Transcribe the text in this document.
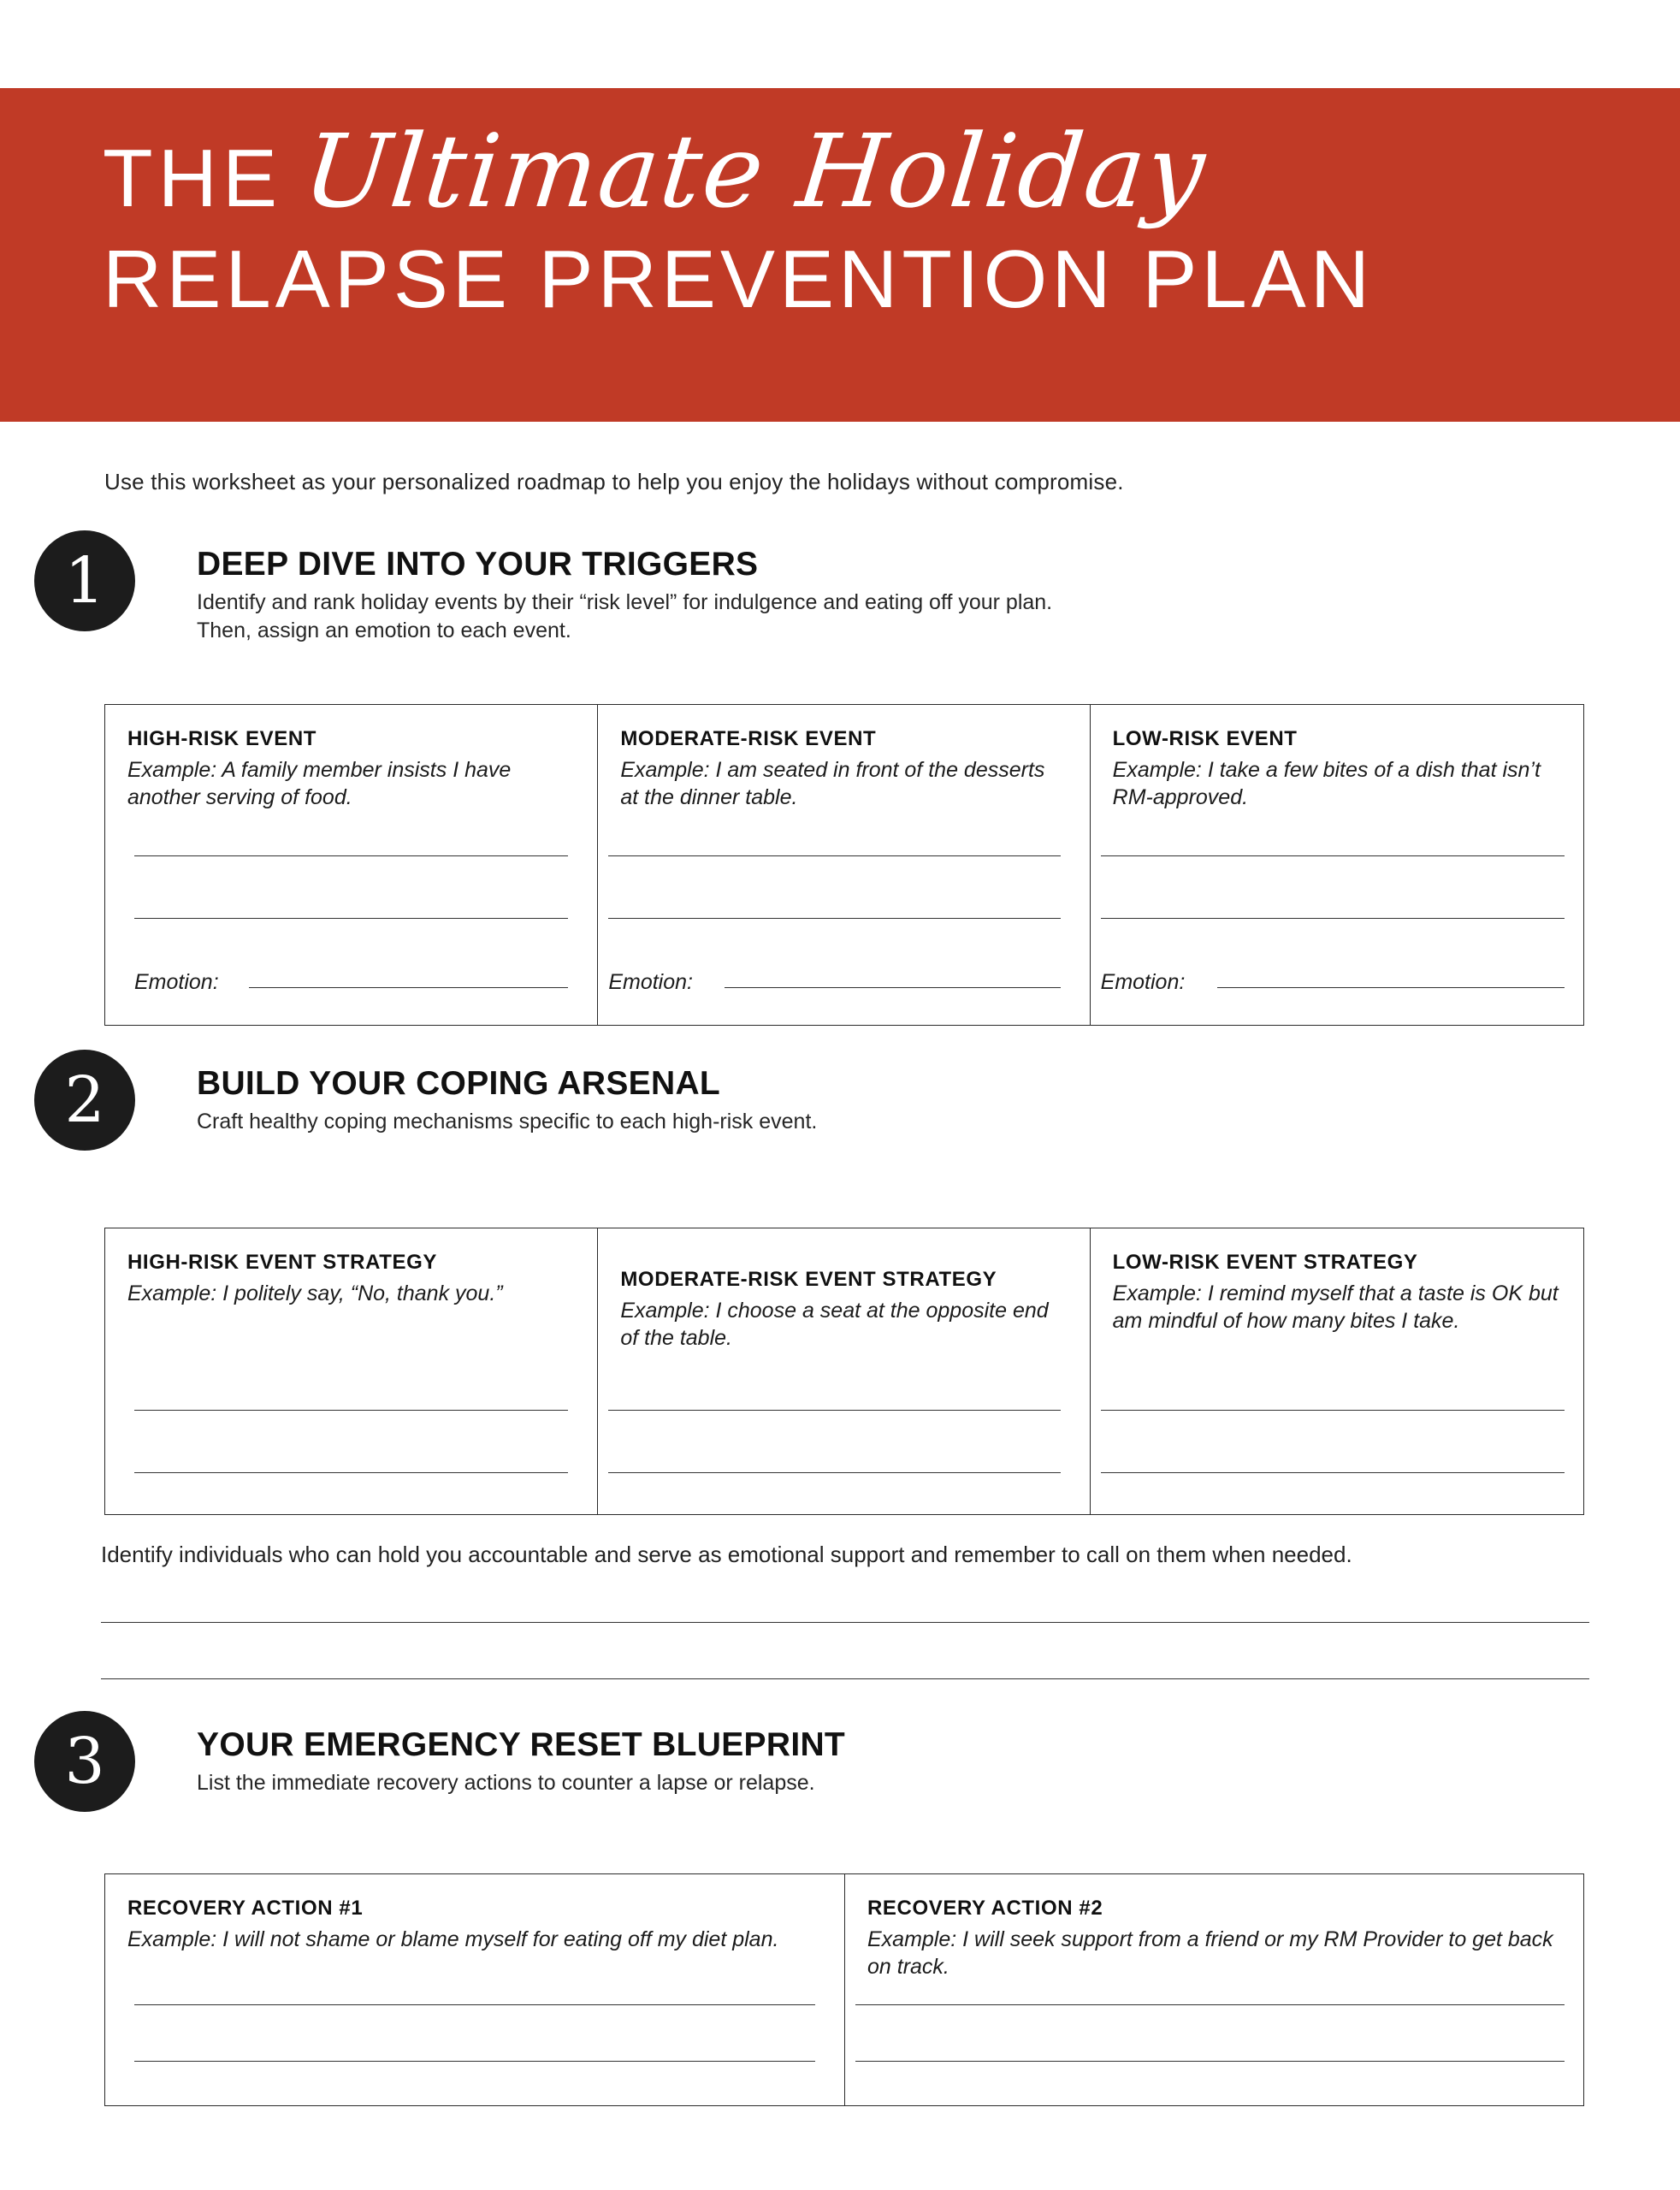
THE Ultimate Holiday
RELAPSE PREVENTION PLAN
Use this worksheet as your personalized roadmap to help you enjoy the holidays without compromise.
1	DEEP DIVE INTO YOUR TRIGGERS
Identify and rank holiday events by their “risk level” for indulgence and eating off your plan.
Then, assign an emotion to each event.
HIGH-RISK EVENT
Example: A family member insists I have another serving of food.
Emotion:
MODERATE-RISK EVENT
Example: I am seated in front of the desserts at the dinner table.
Emotion:
LOW-RISK EVENT
Example: I take a few bites of a dish that isn’t RM-approved.
Emotion:
2	BUILD YOUR COPING ARSENAL
Craft healthy coping mechanisms specific to each high-risk event.
HIGH-RISK EVENT STRATEGY
Example: I politely say, “No, thank you.”
MODERATE-RISK EVENT STRATEGY
Example: I choose a seat at the opposite end of the table.
LOW-RISK EVENT STRATEGY
Example: I remind myself that a taste is OK but am mindful of how many bites I take.
Identify individuals who can hold you accountable and serve as emotional support and remember to call on them when needed.
3	YOUR EMERGENCY RESET BLUEPRINT
List the immediate recovery actions to counter a lapse or relapse.
RECOVERY ACTION #1
Example: I will not shame or blame myself for eating off my diet plan.
RECOVERY ACTION #2
Example: I will seek support from a friend or my RM Provider to get back on track.
